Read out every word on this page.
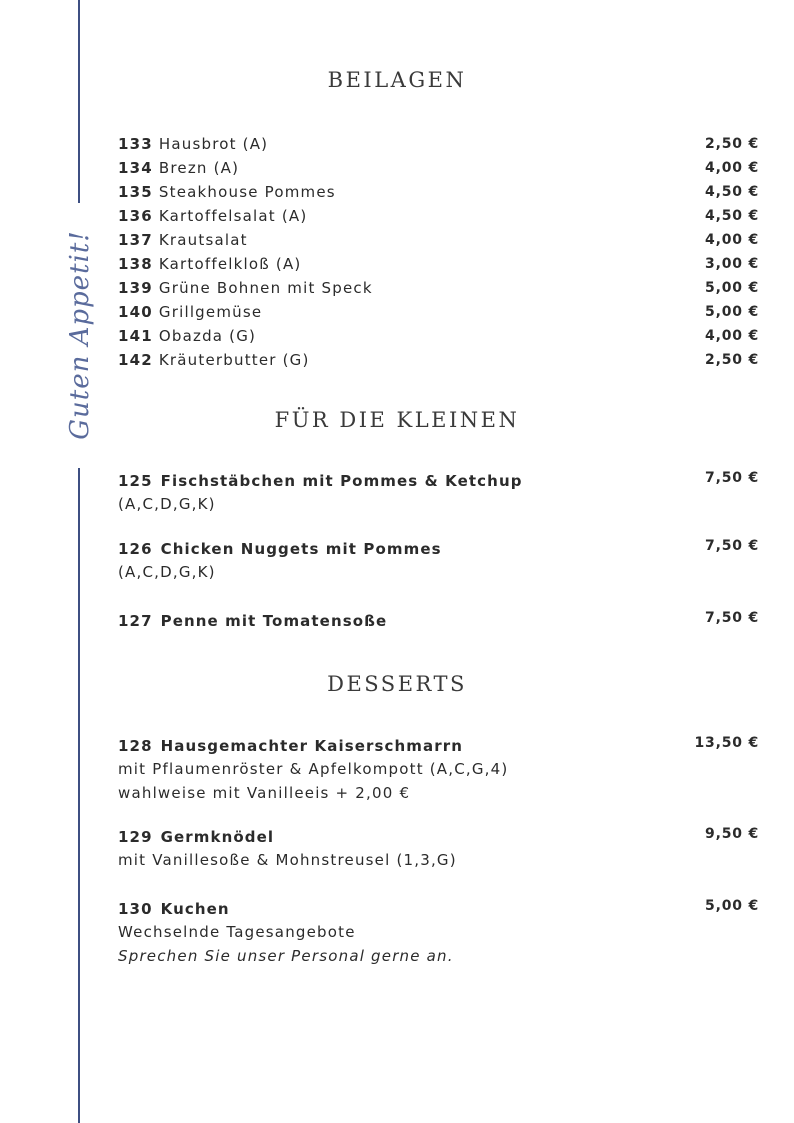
Guten Appetit!
BEILAGEN
133 Hausbrot (A)	2,50 €
134 Brezn (A)	4,00 €
135 Steakhouse Pommes	4,50 €
136 Kartoffelsalat (A)	4,50 €
137 Krautsalat	4,00 €
138 Kartoffelkloß (A)	3,00 €
139 Grüne Bohnen mit Speck	5,00 €
140 Grillgemüse	5,00 €
141 Obazda (G)	4,00 €
142 Kräuterbutter (G)	2,50 €
FÜR DIE KLEINEN
125 Fischstäbchen mit Pommes & Ketchup	7,50 €
(A,C,D,G,K)
126 Chicken Nuggets mit Pommes	7,50 €
(A,C,D,G,K)
127 Penne mit Tomatensoße	7,50 €
DESSERTS
128 Hausgemachter Kaiserschmarrn	13,50 €
mit Pflaumenröster & Apfelkompott (A,C,G,4)
wahlweise mit Vanilleeis + 2,00 €
129 Germknödel	9,50 €
mit Vanillesoße & Mohnstreusel (1,3,G)
130 Kuchen	5,00 €
Wechselnde Tagesangebote
Sprechen Sie unser Personal gerne an.
